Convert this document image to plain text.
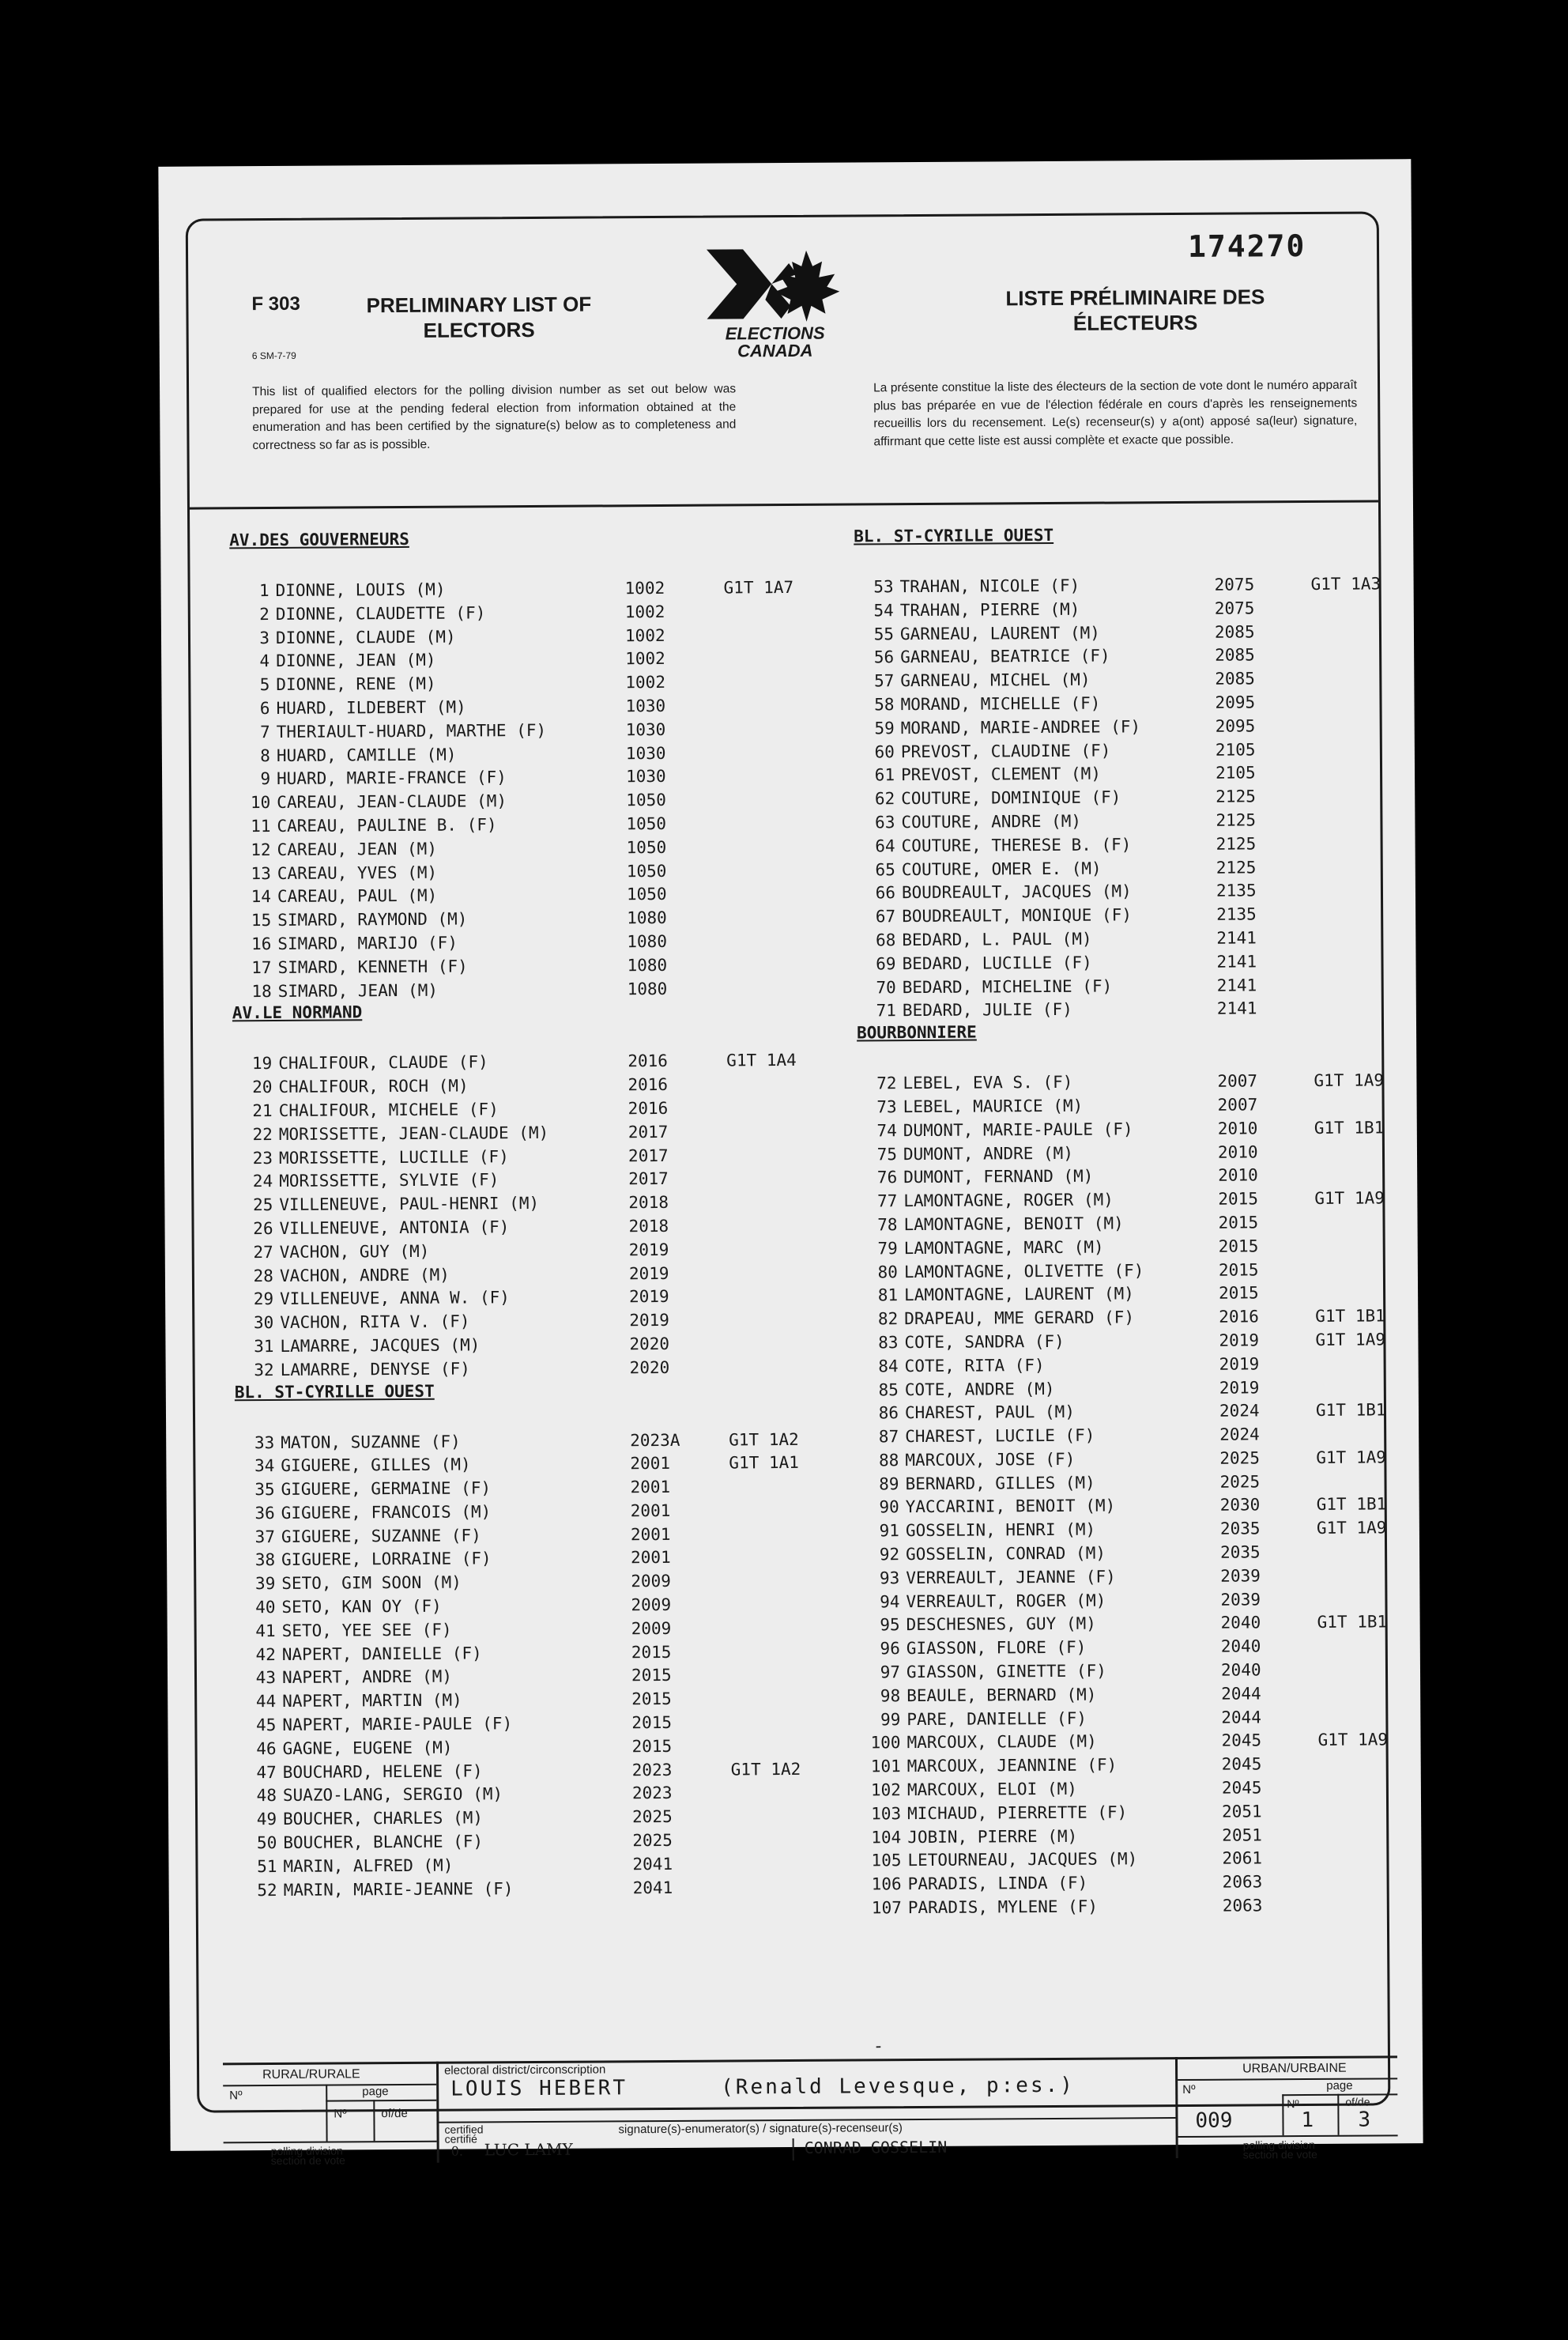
F 303
6 SM-7-79
PRELIMINARY LIST OF ELECTORS	ELECTIONS
CANADA
174270
LISTE PRÉLIMINAIRE DES ÉLECTEURS
This list of qualified electors for the polling division number as set out below was prepared for use at the pending federal election from information obtained at the enumeration and has been certified by the signature(s) below as to completeness and correctness so far as is possible.
La présente constitue la liste des électeurs de la section de vote dont le numéro apparaît plus bas préparée en vue de l'élection fédérale en cours d'après les renseignements recueillis lors du recensement. Le(s) recenseur(s) y a(ont) apposé sa(leur) signature, affirmant que cette liste est aussi complète et exacte que possible.
AV.DES GOUVERNEURS
1 DIONNE, LOUIS (M)	1002	G1T 1A7
2 DIONNE, CLAUDETTE (F)	1002
3 DIONNE, CLAUDE (M)	1002
4 DIONNE, JEAN (M)	1002
5 DIONNE, RENE (M)	1002
6 HUARD, ILDEBERT (M)	1030
7 THERIAULT-HUARD, MARTHE (F)	1030
8 HUARD, CAMILLE (M)	1030
9 HUARD, MARIE-FRANCE (F)	1030
10 CAREAU, JEAN-CLAUDE (M)	1050
11 CAREAU, PAULINE B. (F)	1050
12 CAREAU, JEAN (M)	1050
13 CAREAU, YVES (M)	1050
14 CAREAU, PAUL (M)	1050
15 SIMARD, RAYMOND (M)	1080
16 SIMARD, MARIJO (F)	1080
17 SIMARD, KENNETH (F)	1080
18 SIMARD, JEAN (M)	1080
AV.LE NORMAND
19 CHALIFOUR, CLAUDE (F)	2016	G1T 1A4
20 CHALIFOUR, ROCH (M)	2016
21 CHALIFOUR, MICHELE (F)	2016
22 MORISSETTE, JEAN-CLAUDE (M)	2017
23 MORISSETTE, LUCILLE (F)	2017
24 MORISSETTE, SYLVIE (F)	2017
25 VILLENEUVE, PAUL-HENRI (M)	2018
26 VILLENEUVE, ANTONIA (F)	2018
27 VACHON, GUY (M)	2019
28 VACHON, ANDRE (M)	2019
29 VILLENEUVE, ANNA W. (F)	2019
30 VACHON, RITA V. (F)	2019
31 LAMARRE, JACQUES (M)	2020
32 LAMARRE, DENYSE (F)	2020
BL. ST-CYRILLE OUEST
33 MATON, SUZANNE (F)	2023A	G1T 1A2
34 GIGUERE, GILLES (M)	2001	G1T 1A1
35 GIGUERE, GERMAINE (F)	2001
36 GIGUERE, FRANCOIS (M)	2001
37 GIGUERE, SUZANNE (F)	2001
38 GIGUERE, LORRAINE (F)	2001
39 SETO, GIM SOON (M)	2009
40 SETO, KAN OY (F)	2009
41 SETO, YEE SEE (F)	2009
42 NAPERT, DANIELLE (F)	2015
43 NAPERT, ANDRE (M)	2015
44 NAPERT, MARTIN (M)	2015
45 NAPERT, MARIE-PAULE (F)	2015
46 GAGNE, EUGENE (M)	2015
47 BOUCHARD, HELENE (F)	2023	G1T 1A2
48 SUAZO-LANG, SERGIO (M)	2023
49 BOUCHER, CHARLES (M)	2025
50 BOUCHER, BLANCHE (F)	2025
51 MARIN, ALFRED (M)	2041
52 MARIN, MARIE-JEANNE (F)	2041
BL. ST-CYRILLE OUEST
53 TRAHAN, NICOLE (F)	2075	G1T 1A3
54 TRAHAN, PIERRE (M)	2075
55 GARNEAU, LAURENT (M)	2085
56 GARNEAU, BEATRICE (F)	2085
57 GARNEAU, MICHEL (M)	2085
58 MORAND, MICHELLE (F)	2095
59 MORAND, MARIE-ANDREE (F)	2095
60 PREVOST, CLAUDINE (F)	2105
61 PREVOST, CLEMENT (M)	2105
62 COUTURE, DOMINIQUE (F)	2125
63 COUTURE, ANDRE (M)	2125
64 COUTURE, THERESE B. (F)	2125
65 COUTURE, OMER E. (M)	2125
66 BOUDREAULT, JACQUES (M)	2135
67 BOUDREAULT, MONIQUE (F)	2135
68 BEDARD, L. PAUL (M)	2141
69 BEDARD, LUCILLE (F)	2141
70 BEDARD, MICHELINE (F)	2141
71 BEDARD, JULIE (F)	2141
BOURBONNIERE
72 LEBEL, EVA S. (F)	2007	G1T 1A9
73 LEBEL, MAURICE (M)	2007
74 DUMONT, MARIE-PAULE (F)	2010	G1T 1B1
75 DUMONT, ANDRE (M)	2010
76 DUMONT, FERNAND (M)	2010
77 LAMONTAGNE, ROGER (M)	2015	G1T 1A9
78 LAMONTAGNE, BENOIT (M)	2015
79 LAMONTAGNE, MARC (M)	2015
80 LAMONTAGNE, OLIVETTE (F)	2015
81 LAMONTAGNE, LAURENT (M)	2015
82 DRAPEAU, MME GERARD (F)	2016	G1T 1B1
83 COTE, SANDRA (F)	2019	G1T 1A9
84 COTE, RITA (F)	2019
85 COTE, ANDRE (M)	2019
86 CHAREST, PAUL (M)	2024	G1T 1B1
87 CHAREST, LUCILE (F)	2024
88 MARCOUX, JOSE (F)	2025	G1T 1A9
89 BERNARD, GILLES (M)	2025
90 YACCARINI, BENOIT (M)	2030	G1T 1B1
91 GOSSELIN, HENRI (M)	2035	G1T 1A9
92 GOSSELIN, CONRAD (M)	2035
93 VERREAULT, JEANNE (F)	2039
94 VERREAULT, ROGER (M)	2039
95 DESCHESNES, GUY (M)	2040	G1T 1B1
96 GIASSON, FLORE (F)	2040
97 GIASSON, GINETTE (F)	2040
98 BEAULE, BERNARD (M)	2044
99 PARE, DANIELLE (F)	2044
100 MARCOUX, CLAUDE (M)	2045	G1T 1A9
101 MARCOUX, JEANNINE (F)	2045
102 MARCOUX, ELOI (M)	2045
103 MICHAUD, PIERRETTE (F)	2051
104 JOBIN, PIERRE (M)	2051
105 LETOURNEAU, JACQUES (M)	2061
106 PARADIS, LINDA (F)	2063
107 PARADIS, MYLENE (F)	2063
-
RURAL/RURALE
Nº	page
Nº	of/de
polling division
section de vote
electoral district/circonscription
LOUIS HEBERT	(Renald Levesque, p:es.)
certified
certifié
signature(s)-enumerator(s) / signature(s)-recenseur(s)
0. LUC LAMY	CONRAD GOSSELIN
URBAN/URBAINE
Nº	page
Nº	of/de
009	1 3
polling division
section de vote
